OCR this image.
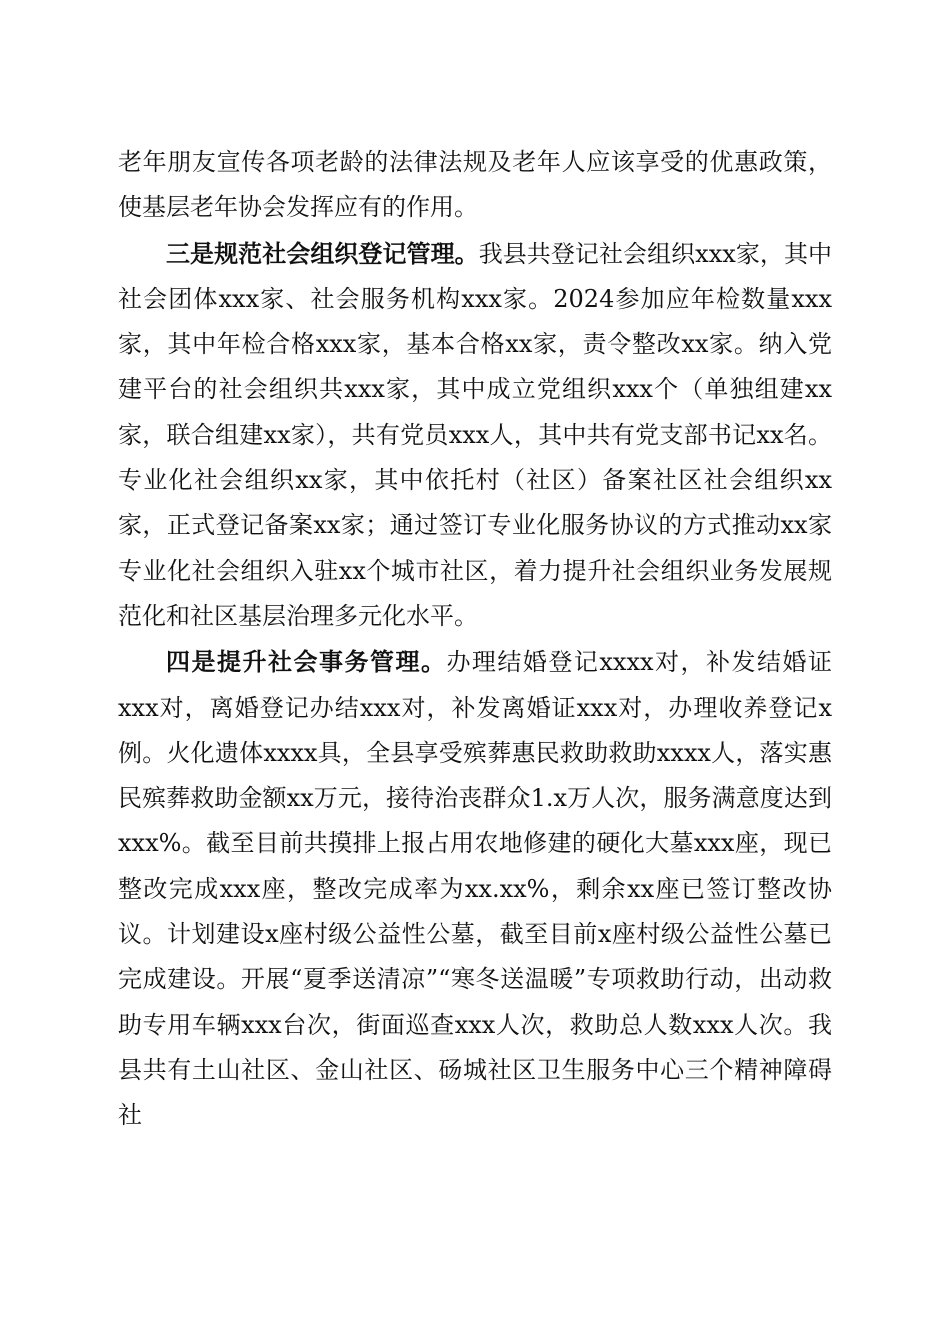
老年朋友宣传各项老龄的法律法规及老年人应该享受的优惠政策，使基层老年协会发挥应有的作用。

三是规范社会组织登记管理。我县共登记社会组织xxx家，其中社会团体xxx家、社会服务机构xxx家。2024参加应年检数量xxx家，其中年检合格xxx家，基本合格xx家，责令整改xx家。纳入党建平台的社会组织共xxx家，其中成立党组织xxx个（单独组建xx家，联合组建xx家），共有党员xxx人，其中共有党支部书记xx名。专业化社会组织xx家，其中依托村（社区）备案社区社会组织xx家，正式登记备案xx家；通过签订专业化服务协议的方式推动xx家专业化社会组织入驻xx个城市社区，着力提升社会组织业务发展规范化和社区基层治理多元化水平。

四是提升社会事务管理。办理结婚登记xxxx对，补发结婚证xxx对，离婚登记办结xxx对，补发离婚证xxx对，办理收养登记x例。火化遗体xxxx具，全县享受殡葬惠民救助救助xxxx人，落实惠民殡葬救助金额xx万元，接待治丧群众1.x万人次，服务满意度达到xxx%。截至目前共摸排上报占用农地修建的硬化大墓xxx座，现已整改完成xxx座，整改完成率为xx.xx%，剩余xx座已签订整改协议。计划建设x座村级公益性公墓，截至目前x座村级公益性公墓已完成建设。开展“夏季送清凉”“寒冬送温暖”专项救助行动，出动救助专用车辆xxx台次，街面巡查xxx人次，救助总人数xxx人次。我县共有土山社区、金山社区、砀城社区卫生服务中心三个精神障碍社
